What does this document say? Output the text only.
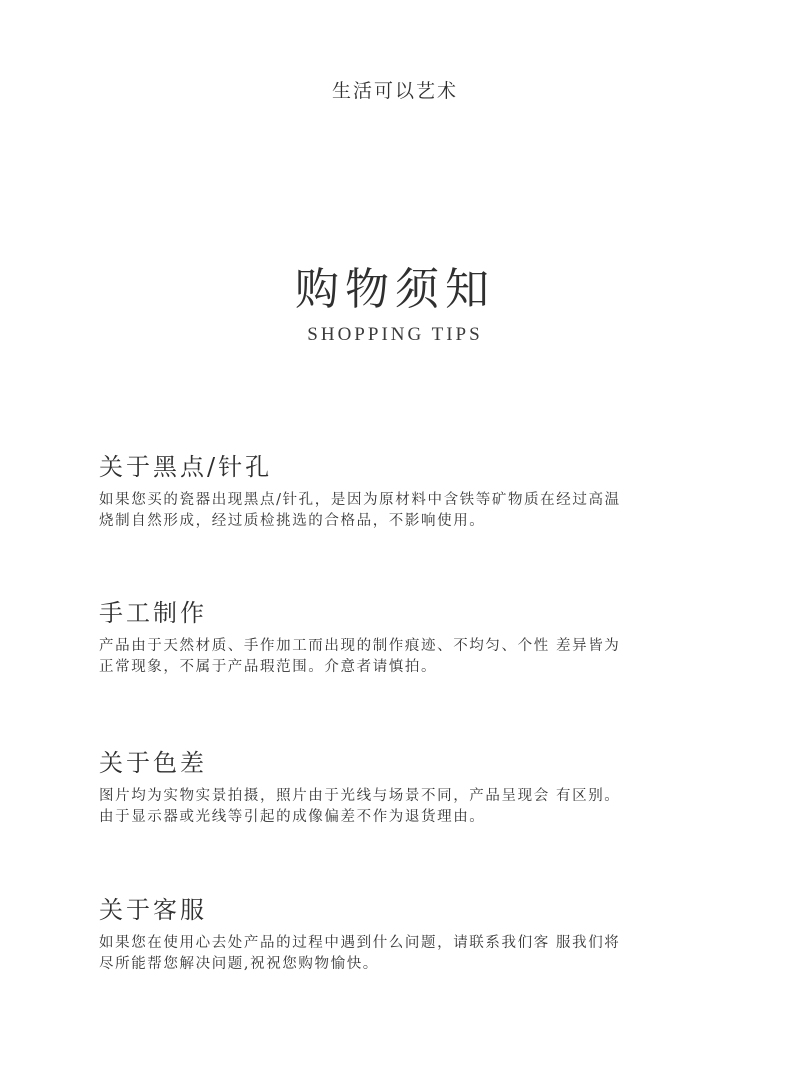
生活可以艺术
购物须知
SHOPPING TIPS
关于黑点/针孔
如果您买的瓷器出现黑点/针孔，是因为原材料中含铁等矿物质在经过高温
烧制自然形成，经过质检挑选的合格品，不影响使用。
手工制作
产品由于天然材质、手作加工而出现的制作痕迹、不均匀、个性 差异皆为
正常现象，不属于产品瑕范围。介意者请慎拍。
关于色差
图片均为实物实景拍摄，照片由于光线与场景不同，产品呈现会 有区别。
由于显示器或光线等引起的成像偏差不作为退货理由。
关于客服
如果您在使用心去处产品的过程中遇到什么问题，请联系我们客 服我们将
尽所能帮您解决问题,祝祝您购物愉快。
